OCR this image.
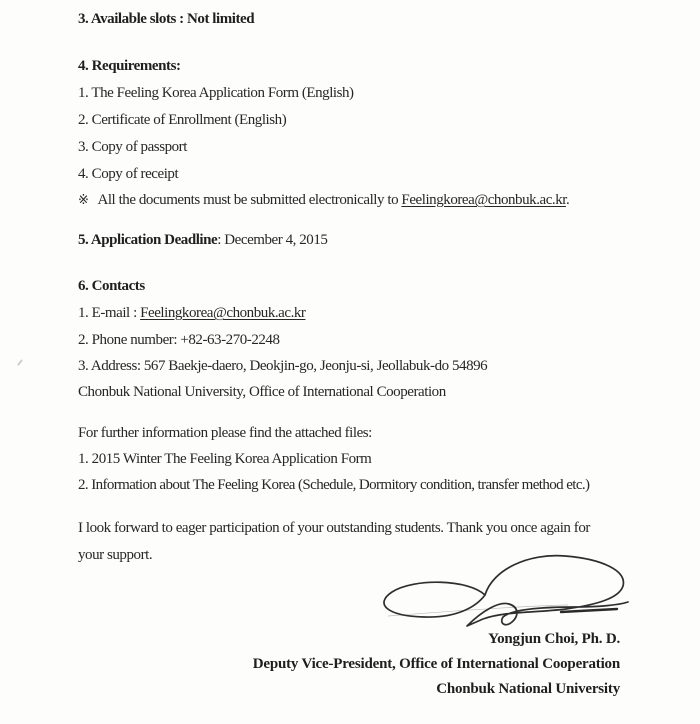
3. Available slots : Not limited
4. Requirements:
1. The Feeling Korea Application Form (English)
2. Certificate of Enrollment (English)
3. Copy of passport
4. Copy of receipt
※ All the documents must be submitted electronically to Feelingkorea@chonbuk.ac.kr.
5. Application Deadline: December 4, 2015
6. Contacts
1. E-mail : Feelingkorea@chonbuk.ac.kr
2. Phone number: +82-63-270-2248
3. Address: 567 Baekje-daero, Deokjin-go, Jeonju-si, Jeollabuk-do 54896
Chonbuk National University, Office of International Cooperation
For further information please find the attached files:
1. 2015 Winter The Feeling Korea Application Form
2. Information about The Feeling Korea (Schedule, Dormitory condition, transfer method etc.)
I look forward to eager participation of your outstanding students. Thank you once again for
your support.
Yongjun Choi, Ph. D.
Deputy Vice-President, Office of International Cooperation
Chonbuk National University
